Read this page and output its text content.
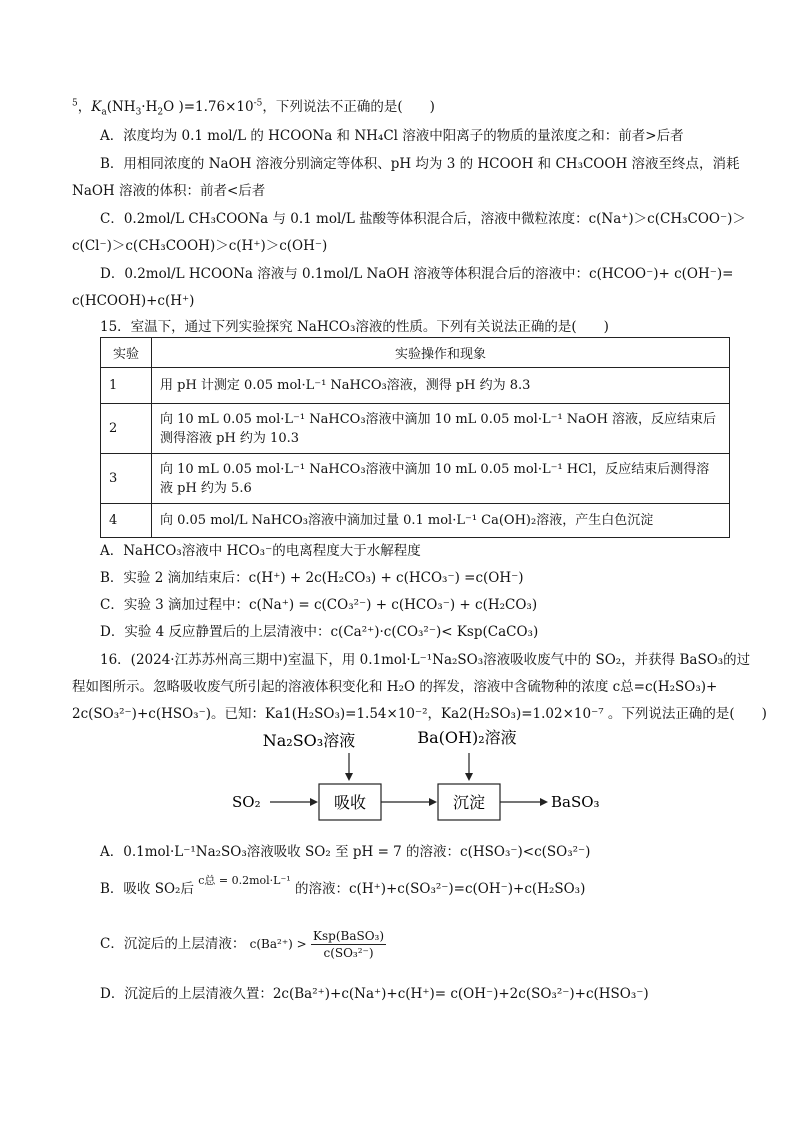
$^5$，$K_a(NH_3\cdot H_2O$ )$=1.76\times 10^{-5}$，下列说法不正确的是(　　)
A．浓度均为 0.1 mol/L 的 HCOONa 和 NH₄Cl 溶液中阳离子的物质的量浓度之和：前者>后者
B．用相同浓度的 NaOH 溶液分别滴定等体积、pH 均为 3 的 HCOOH 和 CH₃COOH 溶液至终点，消耗
NaOH 溶液的体积：前者<后者
C．0.2mol/L CH₃COONa 与 0.1 mol/L 盐酸等体积混合后，溶液中微粒浓度：c(Na⁺)＞c(CH₃COO⁻)＞
c(Cl⁻)＞c(CH₃COOH)＞c(H⁺)＞c(OH⁻)
D．0.2mol/L HCOONa 溶液与 0.1mol/L NaOH 溶液等体积混合后的溶液中：c(HCOO⁻)+ c(OH⁻)=
c(HCOOH)+c(H⁺)
15．室温下，通过下列实验探究 NaHCO₃溶液的性质。下列有关说法正确的是(　　)
实验	实验操作和现象
1	用 pH 计测定 0.05 mol·L⁻¹ NaHCO₃溶液，测得 pH 约为 8.3
2	向 10 mL 0.05 mol·L⁻¹ NaHCO₃溶液中滴加 10 mL 0.05 mol·L⁻¹ NaOH 溶液，反应结束后测得溶液 pH 约为 10.3
3	向 10 mL 0.05 mol·L⁻¹ NaHCO₃溶液中滴加 10 mL 0.05 mol·L⁻¹ HCl，反应结束后测得溶液 pH 约为 5.6
4	向 0.05 mol/L NaHCO₃溶液中滴加过量 0.1 mol·L⁻¹ Ca(OH)₂溶液，产生白色沉淀
A．NaHCO₃溶液中 HCO₃⁻的电离程度大于水解程度
B．实验 2 滴加结束后：c(H⁺) + 2c(H₂CO₃) + c(HCO₃⁻) =c(OH⁻)
C．实验 3 滴加过程中：c(Na⁺) = c(CO₃²⁻) + c(HCO₃⁻) + c(H₂CO₃)
D．实验 4 反应静置后的上层清液中：c(Ca²⁺)·c(CO₃²⁻)< Ksp(CaCO₃)
16．(2024·江苏苏州高三期中)室温下，用 0.1mol·L⁻¹Na₂SO₃溶液吸收废气中的 SO₂，并获得 BaSO₃的过
程如图所示。忽略吸收废气所引起的溶液体积变化和 H₂O 的挥发，溶液中含硫物种的浓度 c总=c(H₂SO₃)+
2c(SO₃²⁻)+c(HSO₃⁻)。已知：Ka1(H₂SO₃)=1.54×10⁻²，Ka2(H₂SO₃)=1.02×10⁻⁷ 。下列说法正确的是(　　)
Na₂SO₃溶液	Ba(OH)₂溶液
SO₂	吸收	沉淀	BaSO₃
A．0.1mol·L⁻¹Na₂SO₃溶液吸收 SO₂ 至 pH = 7 的溶液：c(HSO₃⁻)<c(SO₃²⁻)
B．吸收 SO₂后 $^{c总 = 0.2mol\cdot L^{-1}}$ 的溶液：c(H⁺)+c(SO₃²⁻)=c(OH⁻)+c(H₂SO₃)
C．沉淀后的上层清液： $c(Ba^{2+}) > \frac{\text{Ksp(BaSO₃)}}{\text{c(SO₃²⁻)}}$
D．沉淀后的上层清液久置：2c(Ba²⁺)+c(Na⁺)+c(H⁺)= c(OH⁻)+2c(SO₃²⁻)+c(HSO₃⁻)
